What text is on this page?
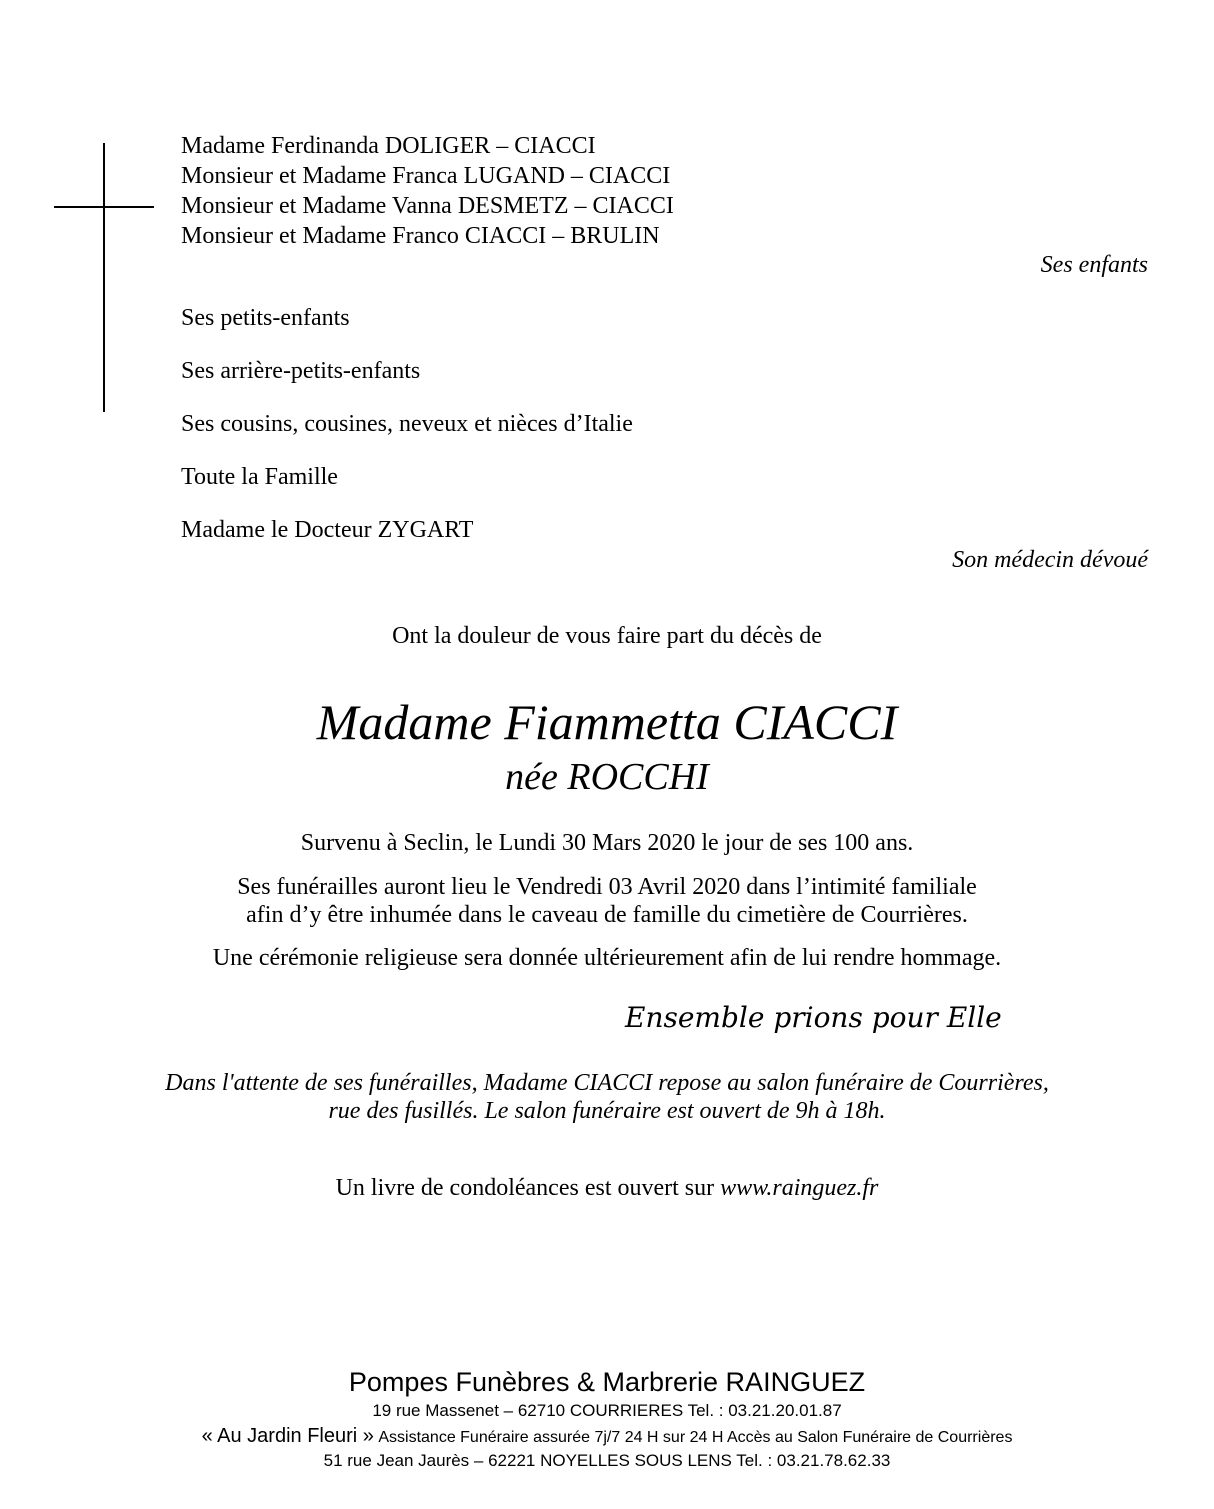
Madame Ferdinanda DOLIGER – CIACCI
Monsieur et Madame Franca LUGAND – CIACCI
Monsieur et Madame Vanna DESMETZ – CIACCI
Monsieur et Madame Franco CIACCI – BRULIN
Ses enfants
Ses petits-enfants
Ses arrière-petits-enfants
Ses cousins, cousines, neveux et nièces d’Italie
Toute la Famille
Madame le Docteur ZYGART
Son médecin dévoué
Ont la douleur de vous faire part du décès de
Madame Fiammetta CIACCI
née ROCCHI
Survenu à Seclin, le Lundi 30 Mars 2020 le jour de ses 100 ans.
Ses funérailles auront lieu le Vendredi 03 Avril 2020 dans l’intimité familiale
afin d’y être inhumée dans le caveau de famille du cimetière de Courrières.
Une cérémonie religieuse sera donnée ultérieurement afin de lui rendre hommage.
Ensemble prions pour Elle
Dans l'attente de ses funérailles, Madame CIACCI repose au salon funéraire de Courrières,
rue des fusillés. Le salon funéraire est ouvert de 9h à 18h.
Un livre de condoléances est ouvert sur www.rainguez.fr
Pompes Funèbres & Marbrerie RAINGUEZ
19 rue Massenet – 62710 COURRIERES Tel. : 03.21.20.01.87
« Au Jardin Fleuri » Assistance Funéraire assurée 7j/7 24 H sur 24 H Accès au Salon Funéraire de Courrières
51 rue Jean Jaurès – 62221 NOYELLES SOUS LENS Tel. : 03.21.78.62.33
